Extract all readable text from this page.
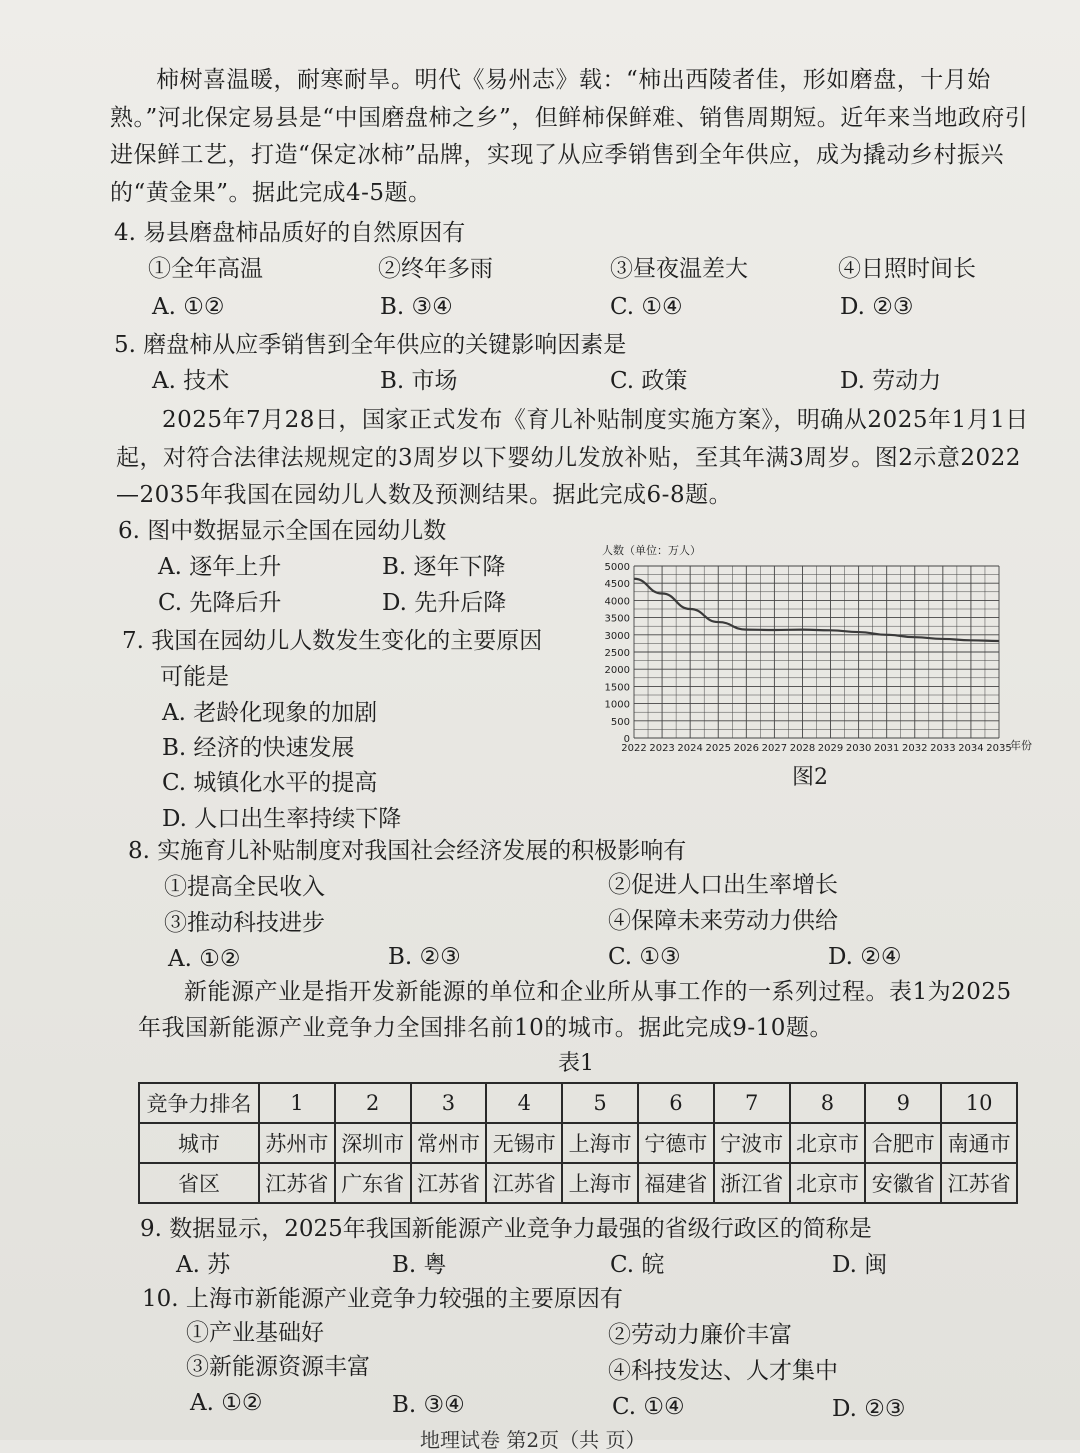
柿树喜温暖，耐寒耐旱。明代《易州志》载：“柿出西陵者佳，形如磨盘，十月始熟。”河北保定易县是“中国磨盘柿之乡”，但鲜柿保鲜难、销售周期短。近年来当地政府引进保鲜工艺，打造“保定冰柿”品牌，实现了从应季销售到全年供应，成为撬动乡村振兴的“黄金果”。据此完成4-5题。

4. 易县磨盘柿品质好的自然原因有
①全年高温	②终年多雨	③昼夜温差大	④日照时间长
A. ①②	B. ③④	C. ①④	D. ②③
5. 磨盘柿从应季销售到全年供应的关键影响因素是
A. 技术	B. 市场	C. 政策	D. 劳动力

2025年7月28日，国家正式发布《育儿补贴制度实施方案》，明确从2025年1月1日起，对符合法律法规规定的3周岁以下婴幼儿发放补贴，至其年满3周岁。图2示意2022—2035年我国在园幼儿人数及预测结果。据此完成6-8题。

6. 图中数据显示全国在园幼儿数
A. 逐年上升	B. 逐年下降
C. 先降后升	D. 先升后降
人数（单位：万人）
年份
0
500
1000
1500
2000
2500
3000
3500
4000
4500
5000
2022 2023 2024 2025 2026 2027 2028 2029 2030 2031 2032 2033 2034 2035
图2
7. 我国在园幼儿人数发生变化的主要原因
可能是
A. 老龄化现象的加剧
B. 经济的快速发展
C. 城镇化水平的提高
D. 人口出生率持续下降
8. 实施育儿补贴制度对我国社会经济发展的积极影响有
①提高全民收入	②促进人口出生率增长
③推动科技进步	④保障未来劳动力供给
A. ①②	B. ②③	C. ①③	D. ②④

新能源产业是指开发新能源的单位和企业所从事工作的一系列过程。表1为2025年我国新能源产业竞争力全国排名前10的城市。据此完成9-10题。

表1
竞争力排名	1	2	3	4	5	6	7	8	9	10
城市	苏州市	深圳市	常州市	无锡市	上海市	宁德市	宁波市	北京市	合肥市	南通市
省区	江苏省	广东省	江苏省	江苏省	上海市	福建省	浙江省	北京市	安徽省	江苏省
9. 数据显示，2025年我国新能源产业竞争力最强的省级行政区的简称是
A. 苏	B. 粤	C. 皖	D. 闽
10. 上海市新能源产业竞争力较强的主要原因有
①产业基础好	②劳动力廉价丰富
③新能源资源丰富	④科技发达、人才集中
A. ①②	B. ③④	C. ①④	D. ②③
地理试卷 第2页（共 页）
